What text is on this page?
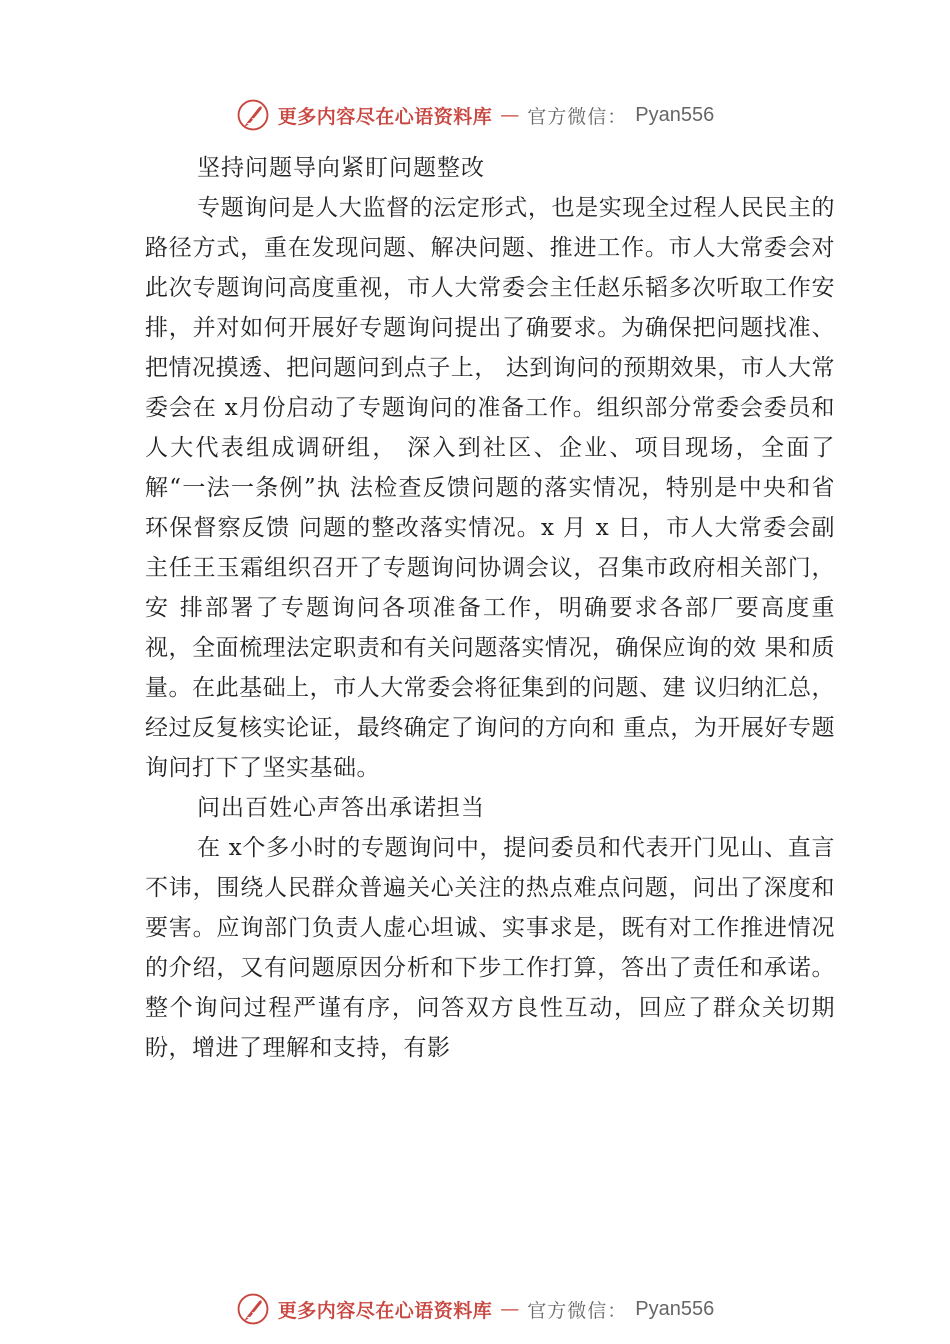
更多内容尽在心语资料库 — 官方微信： Pyan556

坚持问题导向紧盯问题整改

专题询问是人大监督的沄定形式，也是实现全过程人民民主的路径方式，重在发现问题、解决问题、推进工作。市人大常委会对此次专题询问高度重视，市人大常委会主任赵乐韬多次听取工作安排，并对如何开展好专题询问提出了确要求。为确保把问题找准、把情况摸透、把问题问到点子上， 达到询问的预期效果，市人大常委会在 x月份启动了专题询问的准备工作。组织部分常委会委员和人大代表组成调研组， 深入到社区、企业、项目现场，全面了解“一法一条例”执 法检查反馈问题的落实情况，特别是中央和省环保督察反馈 问题的整改落实情况。x 月 x 日，市人大常委会副主任王玉霜组织召开了专题询问协调会议，召集市政府相关部门，安 排部署了专题询问各项准备工作，明确要求各部厂要高度重 视，全面梳理法定职责和有关问题落实情况，确保应询的效 果和质量。在此基础上，市人大常委会将征集到的问题、建 议归纳汇总，经过反复核实论证，最终确定了询问的方向和 重点，为开展好专题询问打下了坚实基础。

问出百姓心声答出承诺担当

在 x个多小时的专题询问中，提问委员和代表开门见山、直言不讳，围绕人民群众普遍关心关注的热点难点问题，问出了深度和要害。应询部门负责人虚心坦诚、实事求是，既有对工作推进情况的介绍，又有问题原因分析和下步工作打算，答出了责任和承诺。整个询问过程严谨有序，问答双方良性互动，回应了群众关切期盼，增进了理解和支持，有影

更多内容尽在心语资料库 — 官方微信： Pyan556
